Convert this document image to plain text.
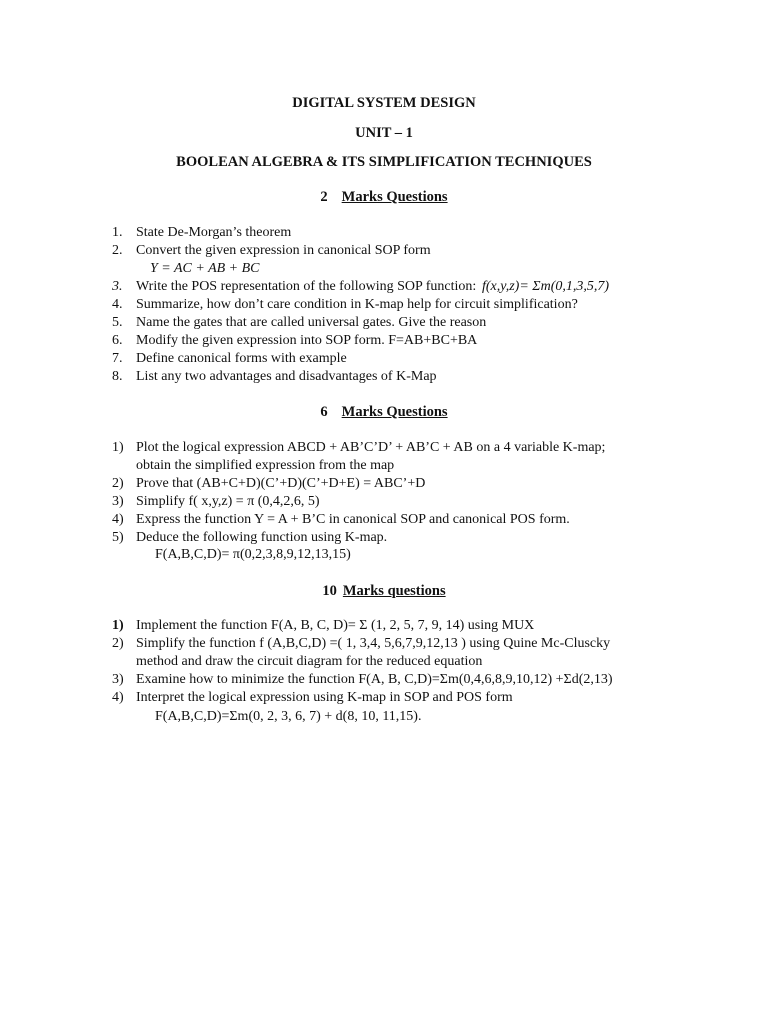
DIGITAL SYSTEM DESIGN
UNIT – 1
BOOLEAN ALGEBRA & ITS SIMPLIFICATION TECHNIQUES
2 Marks Questions
1. State De-Morgan’s theorem
2. Convert the given expression in canonical SOP form
Y = AC + AB + BC
3. Write the POS representation of the following SOP function: f(x,y,z)= Σm(0,1,3,5,7)
4. Summarize, how don’t care condition in K-map help for circuit simplification?
5. Name the gates that are called universal gates. Give the reason
6. Modify the given expression into SOP form. F=AB+BC+BA
7. Define canonical forms with example
8. List any two advantages and disadvantages of K-Map
6 Marks Questions
1) Plot the logical expression ABCD + AB’C’D’ + AB’C + AB on a 4 variable K-map;
obtain the simplified expression from the map
2) Prove that (AB+C+D)(C’+D)(C’+D+E) = ABC’+D
3) Simplify f( x,y,z) = π (0,4,2,6, 5)
4) Express the function Y = A + B’C in canonical SOP and canonical POS form.
5) Deduce the following function using K-map.
F(A,B,C,D)= π(0,2,3,8,9,12,13,15)
10 Marks questions
1) Implement the function F(A, B, C, D)= Σ (1, 2, 5, 7, 9, 14) using MUX
2) Simplify the function f (A,B,C,D) =( 1, 3,4, 5,6,7,9,12,13 ) using Quine Mc-Cluscky
method and draw the circuit diagram for the reduced equation
3) Examine how to minimize the function F(A, B, C,D)=Σm(0,4,6,8,9,10,12) +Σd(2,13)
4) Interpret the logical expression using K-map in SOP and POS form
F(A,B,C,D)=Σm(0, 2, 3, 6, 7) + d(8, 10, 11,15).
